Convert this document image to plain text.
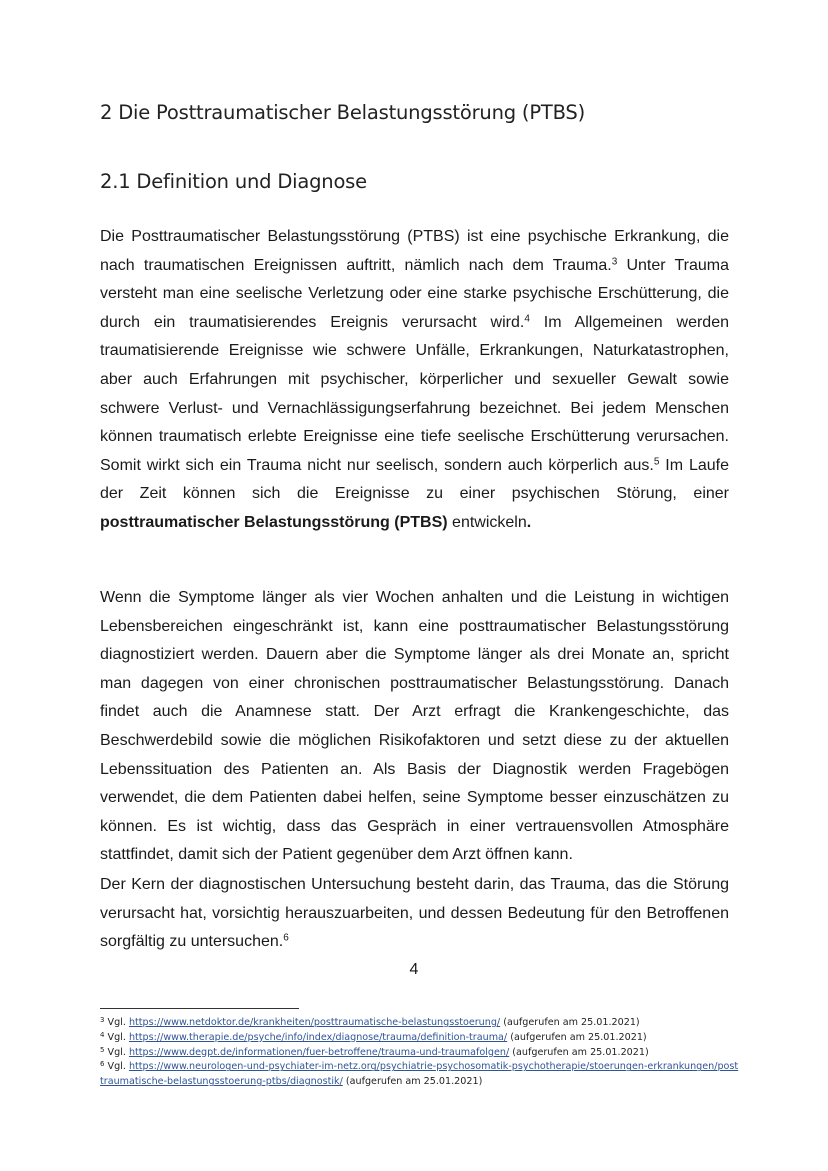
2 Die Posttraumatischer Belastungsstörung (PTBS)
2.1 Definition und Diagnose

Die Posttraumatischer Belastungsstörung (PTBS) ist eine psychische Erkrankung, die nach traumatischen Ereignissen auftritt, nämlich nach dem Trauma.$^3$ Unter Trauma versteht man eine seelische Verletzung oder eine starke psychische Erschütterung, die durch ein traumatisierendes Ereignis verursacht wird.$^4$ Im Allgemeinen werden traumatisierende Ereignisse wie schwere Unfälle, Erkrankungen, Naturkatastrophen, aber auch Erfahrungen mit psychischer, körperlicher und sexueller Gewalt sowie schwere Verlust- und Vernachlässigungserfahrung bezeichnet. Bei jedem Menschen können traumatisch erlebte Ereignisse eine tiefe seelische Erschütterung verursachen. Somit wirkt sich ein Trauma nicht nur seelisch, sondern auch körperlich aus.$^5$ Im Laufe der Zeit können sich die Ereignisse zu einer psychischen Störung, einer posttraumatischer Belastungsstörung (PTBS) entwickeln.

Wenn die Symptome länger als vier Wochen anhalten und die Leistung in wichtigen Lebensbereichen eingeschränkt ist, kann eine posttraumatischer Belastungsstörung diagnostiziert werden. Dauern aber die Symptome länger als drei Monate an, spricht man dagegen von einer chronischen posttraumatischer Belastungsstörung. Danach findet auch die Anamnese statt. Der Arzt erfragt die Krankengeschichte, das Beschwerdebild sowie die möglichen Risikofaktoren und setzt diese zu der aktuellen Lebenssituation des Patienten an. Als Basis der Diagnostik werden Fragebögen verwendet, die dem Patienten dabei helfen, seine Symptome besser einzuschätzen zu können. Es ist wichtig, dass das Gespräch in einer vertrauensvollen Atmosphäre stattfindet, damit sich der Patient gegenüber dem Arzt öffnen kann.

Der Kern der diagnostischen Untersuchung besteht darin, das Trauma, das die Störung verursacht hat, vorsichtig herauszuarbeiten, und dessen Bedeutung für den Betroffenen sorgfältig zu untersuchen.$^6$

4

$^3$ Vgl. https://www.netdoktor.de/krankheiten/posttraumatische-belastungsstoerung/ (aufgerufen am 25.01.2021)

$^4$ Vgl. https://www.therapie.de/psyche/info/index/diagnose/trauma/definition-trauma/ (aufgerufen am 25.01.2021)

$^5$ Vgl. https://www.degpt.de/informationen/fuer-betroffene/trauma-und-traumafolgen/ (aufgerufen am 25.01.2021)

$^6$ Vgl. https://www.neurologen-und-psychiater-im-netz.org/psychiatrie-psychosomatik-psychotherapie/stoerungen-erkrankungen/posttraumatische-belastungsstoerung-ptbs/diagnostik/ (aufgerufen am 25.01.2021)
